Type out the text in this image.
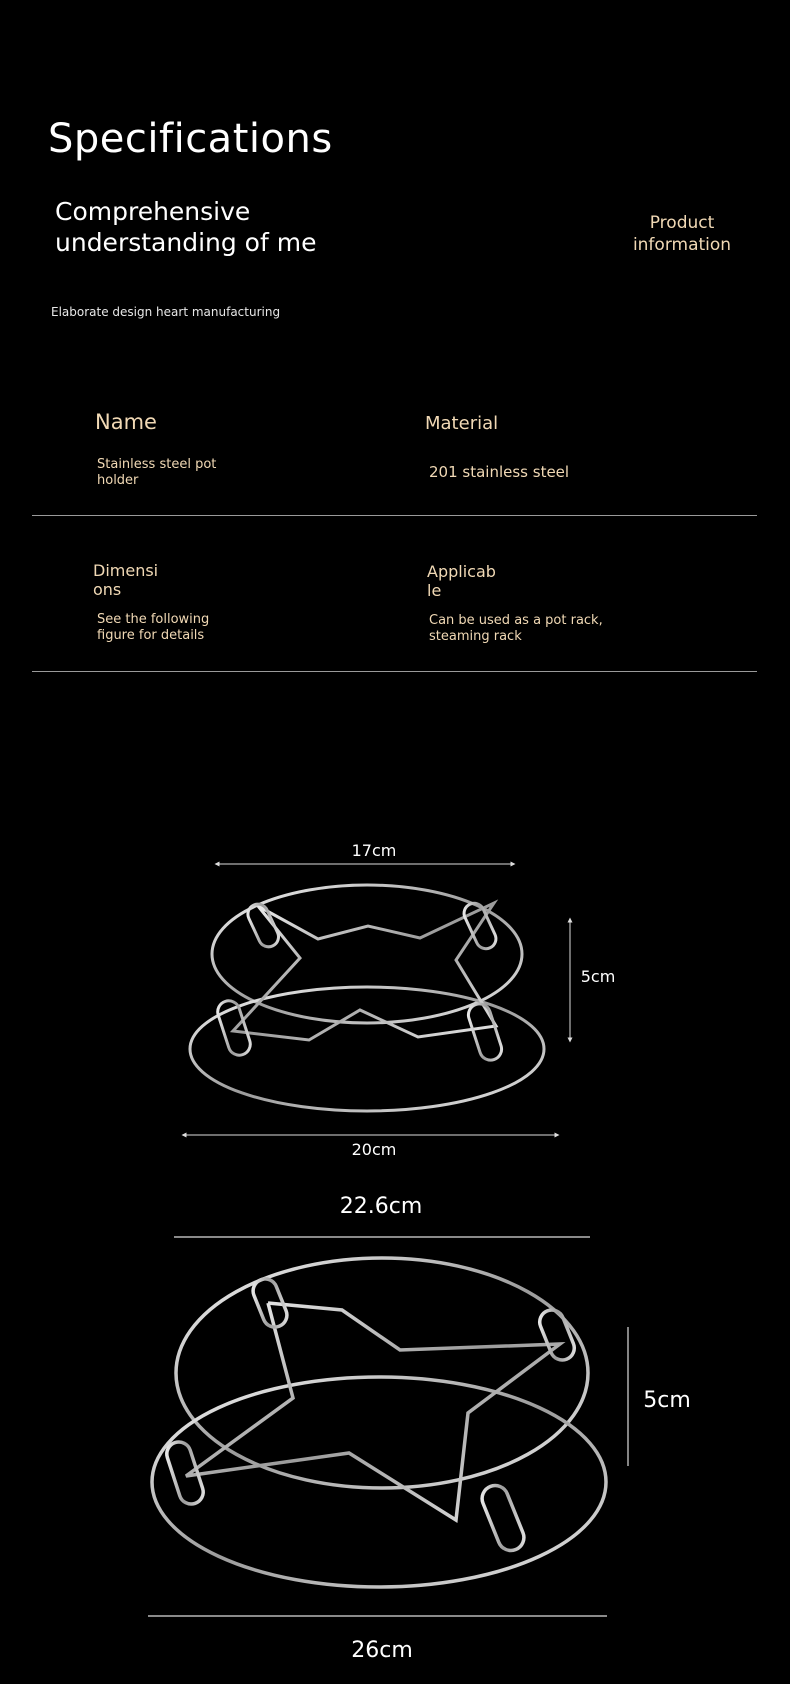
Specifications
Comprehensive understanding of me
Product information
Elaborate design heart manufacturing
Name
Stainless steel pot holder
Material
201 stainless steel
Dimensi ons
See the following figure for details
Applicab le
Can be used as a pot rack, steaming rack
17cm
5cm
20cm
22.6cm
5cm
26cm
